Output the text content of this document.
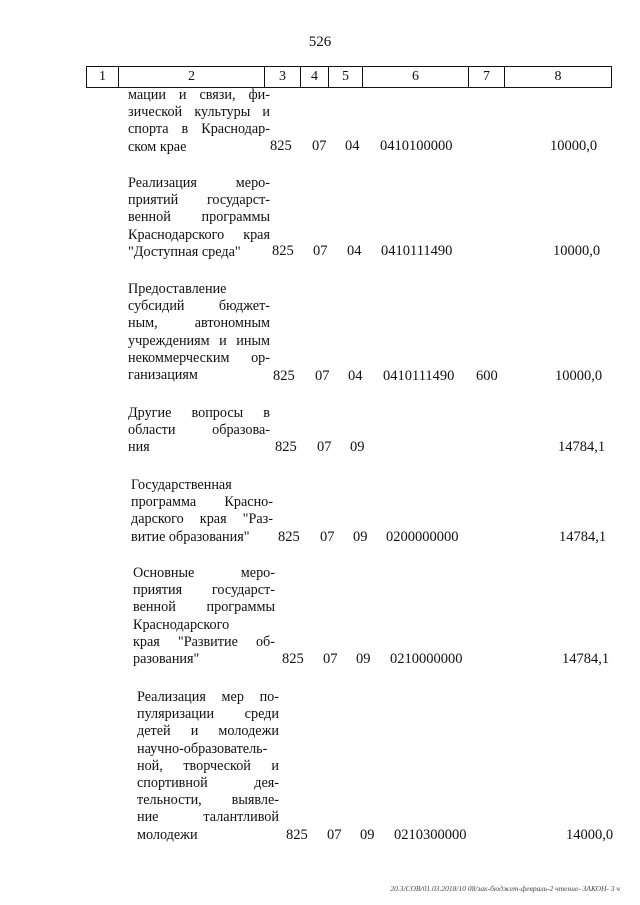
526
1	2	3	4	5	6	7	8
мации и связи, фи-
зической культуры и
спорта в Краснодар-
ском крае	825 07 04 0410100000	10000,0
Реализация меро-
приятий государст-
венной программы
Краснодарского края
"Доступная среда"	825 07 04 0410111490	10000,0
Предоставление
субсидий бюджет-
ным, автономным
учреждениям и иным
некоммерческим ор-
ганизациям	825 07 04 0410111490 600	10000,0
Другие вопросы в
области образова-
ния	825 07 09	14784,1
Государственная
программа Красно-
дарского края "Раз-
витие образования"	825 07 09 0200000000	14784,1
Основные меро-
приятия государст-
венной программы
Краснодарского
края "Развитие об-
разования"	825 07 09 0210000000	14784,1
Реализация мер по-
пуляризации среди
детей и молодежи
научно-образователь-
ной, творческой и
спортивной дея-
тельности, выявле-
ние талантливой
молодежи	825 07 09 0210300000	14000,0
20.3/COB/01.03.2018/10 08/зак-бюджет-февраль-2 чтение- ЗАКОН- 3 ч
